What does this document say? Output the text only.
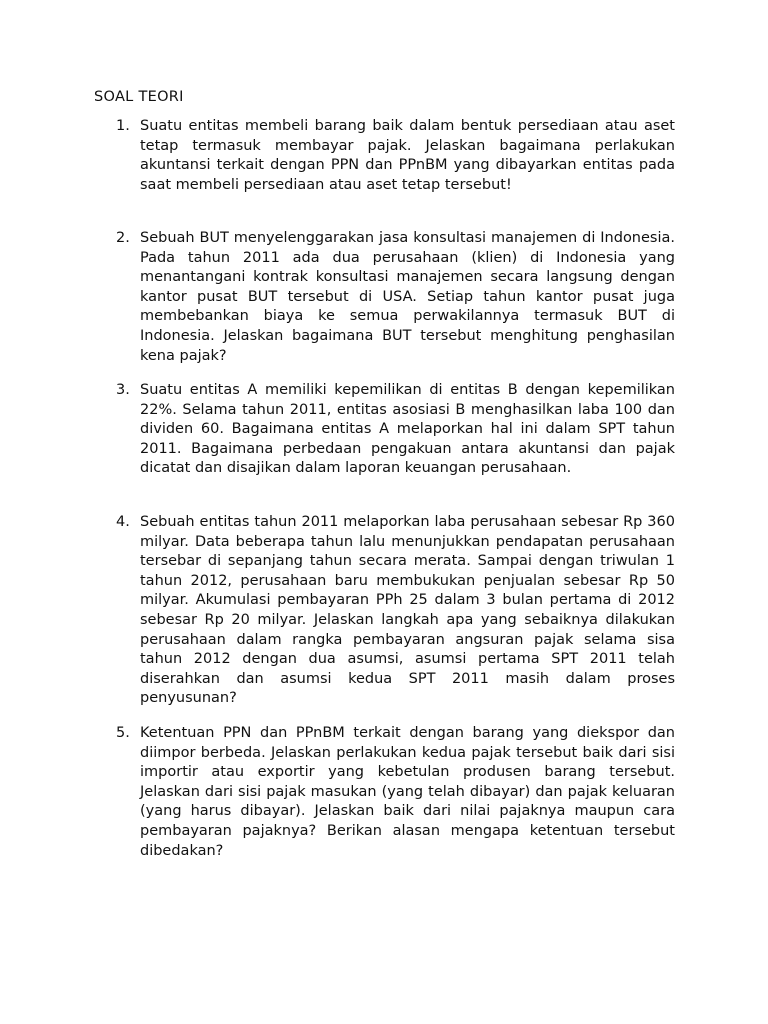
SOAL TEORI
1. Suatu entitas membeli barang baik dalam bentuk persediaan atau aset tetap termasuk membayar pajak. Jelaskan bagaimana perlakukan akuntansi terkait dengan PPN dan PPnBM yang dibayarkan entitas pada saat membeli persediaan atau aset tetap tersebut!

2. Sebuah BUT menyelenggarakan jasa konsultasi manajemen di Indonesia. Pada tahun 2011 ada dua perusahaan (klien) di Indonesia yang menantangani kontrak konsultasi manajemen secara langsung dengan kantor pusat BUT tersebut di USA. Setiap tahun kantor pusat juga membebankan biaya ke semua perwakilannya termasuk BUT di Indonesia. Jelaskan bagaimana BUT tersebut menghitung penghasilan kena pajak?

3. Suatu entitas A memiliki kepemilikan di entitas B dengan kepemilikan 22%. Selama tahun 2011, entitas asosiasi B menghasilkan laba 100 dan dividen 60. Bagaimana entitas A melaporkan hal ini dalam SPT tahun 2011. Bagaimana perbedaan pengakuan antara akuntansi dan pajak dicatat dan disajikan dalam laporan keuangan perusahaan.

4. Sebuah entitas tahun 2011 melaporkan laba perusahaan sebesar Rp 360 milyar. Data beberapa tahun lalu menunjukkan pendapatan perusahaan tersebar di sepanjang tahun secara merata. Sampai dengan triwulan 1 tahun 2012, perusahaan baru membukukan penjualan sebesar Rp 50 milyar. Akumulasi pembayaran PPh 25 dalam 3 bulan pertama di 2012 sebesar Rp 20 milyar. Jelaskan langkah apa yang sebaiknya dilakukan perusahaan dalam rangka pembayaran angsuran pajak selama sisa tahun 2012 dengan dua asumsi, asumsi pertama SPT 2011 telah diserahkan dan asumsi kedua SPT 2011 masih dalam proses penyusunan?

5. Ketentuan PPN dan PPnBM terkait dengan barang yang diekspor dan diimpor berbeda. Jelaskan perlakukan kedua pajak tersebut baik dari sisi importir atau exportir yang kebetulan produsen barang tersebut. Jelaskan dari sisi pajak masukan (yang telah dibayar) dan pajak keluaran (yang harus dibayar). Jelaskan baik dari nilai pajaknya maupun cara pembayaran pajaknya? Berikan alasan mengapa ketentuan tersebut dibedakan?
